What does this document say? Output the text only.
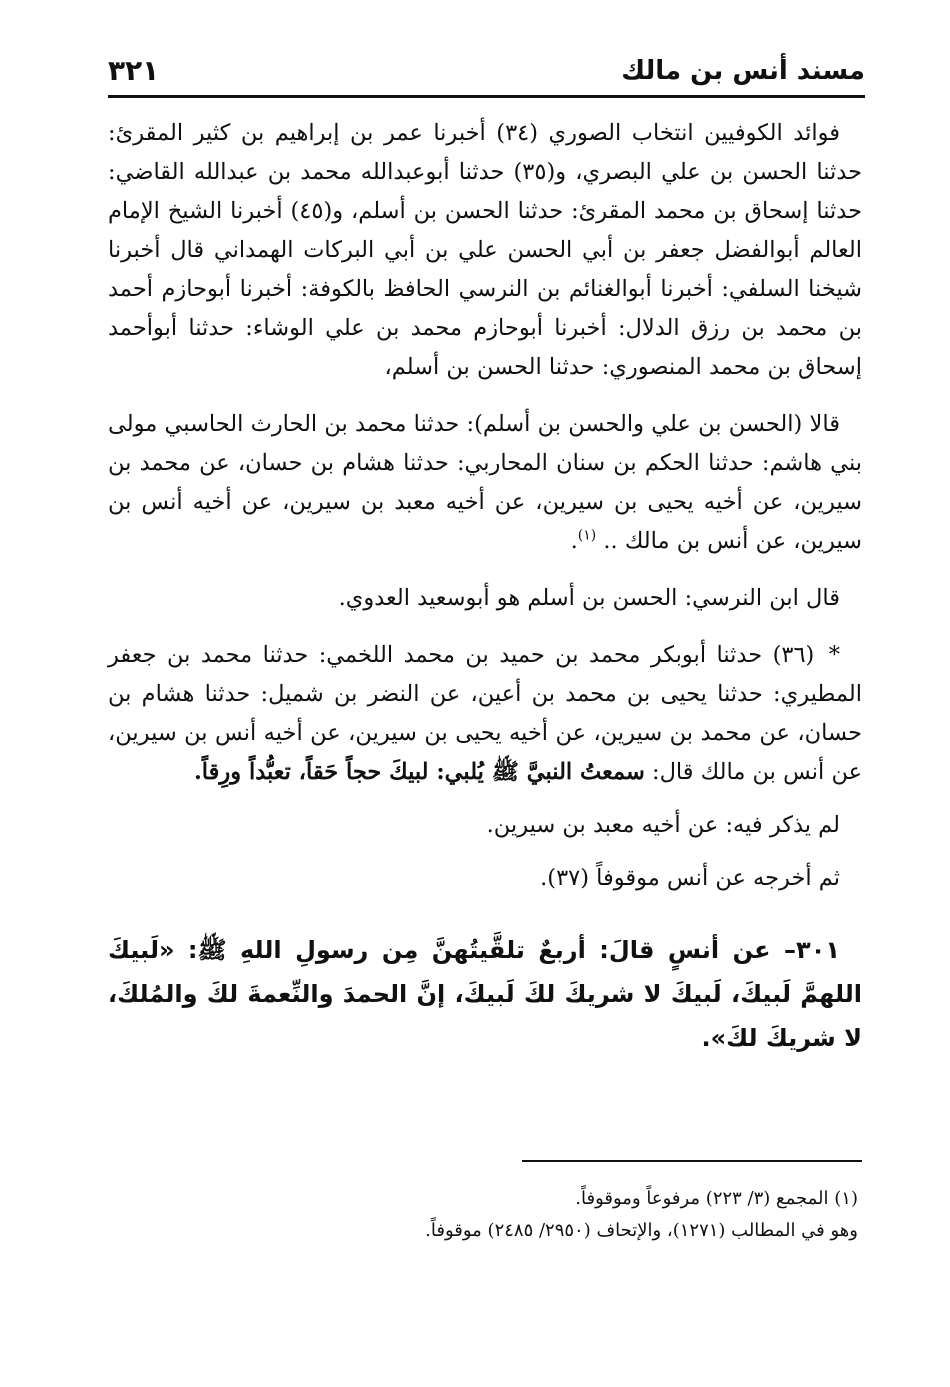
مسند أنس بن مالك
٣٢١

فوائد الكوفيين انتخاب الصوري (٣٤) أخبرنا عمر بن إبراهيم بن كثير المقرئ: حدثنا الحسن بن علي البصري، و(٣٥) حدثنا أبوعبدالله محمد بن عبدالله القاضي: حدثنا إسحاق بن محمد المقرئ: حدثنا الحسن بن أسلم، و(٤٥) أخبرنا الشيخ الإمام العالم أبوالفضل جعفر بن أبي الحسن علي بن أبي البركات الهمداني قال أخبرنا شيخنا السلفي: أخبرنا أبوالغنائم بن النرسي الحافظ بالكوفة: أخبرنا أبوحازم أحمد بن محمد بن رزق الدلال: أخبرنا أبوحازم محمد بن علي الوشاء: حدثنا أبوأحمد إسحاق بن محمد المنصوري: حدثنا الحسن بن أسلم،

قالا (الحسن بن علي والحسن بن أسلم): حدثنا محمد بن الحارث الحاسبي مولى بني هاشم: حدثنا الحكم بن سنان المحاربي: حدثنا هشام بن حسان، عن محمد بن سيرين، عن أخيه يحيى بن سيرين، عن أخيه معبد بن سيرين، عن أخيه أنس بن سيرين، عن أنس بن مالك .. $^{(١)}$.

قال ابن النرسي: الحسن بن أسلم هو أبوسعيد العدوي.

* (٣٦) حدثنا أبوبكر محمد بن حميد بن محمد اللخمي: حدثنا محمد بن جعفر المطيري: حدثنا يحيى بن محمد بن أعين، عن النضر بن شميل: حدثنا هشام بن حسان، عن محمد بن سيرين، عن أخيه يحيى بن سيرين، عن أخيه أنس بن سيرين، عن أنس بن مالك قال: سمعتُ النبيَّ ﷺ يُلبي: لبيكَ حجاً حَقاً، تعبُّداً ورِقاً.

لم يذكر فيه: عن أخيه معبد بن سيرين.

ثم أخرجه عن أنس موقوفاً (٣٧).

٣٠١– عن أنسٍ قالَ: أربعٌ تلقَّيتُهنَّ مِن رسولِ اللهِ ﷺ: «لَبيكَ اللهمَّ لَبيكَ، لَبيكَ لا شريكَ لكَ لَبيكَ، إنَّ الحمدَ والنِّعمةَ لكَ والمُلكَ، لا شريكَ لكَ».

(١) المجمع (٣/ ٢٢٣) مرفوعاً وموقوفاً.

وهو في المطالب (١٢٧١)، والإتحاف (٢٩٥٠/ ٢٤٨٥) موقوفاً.
